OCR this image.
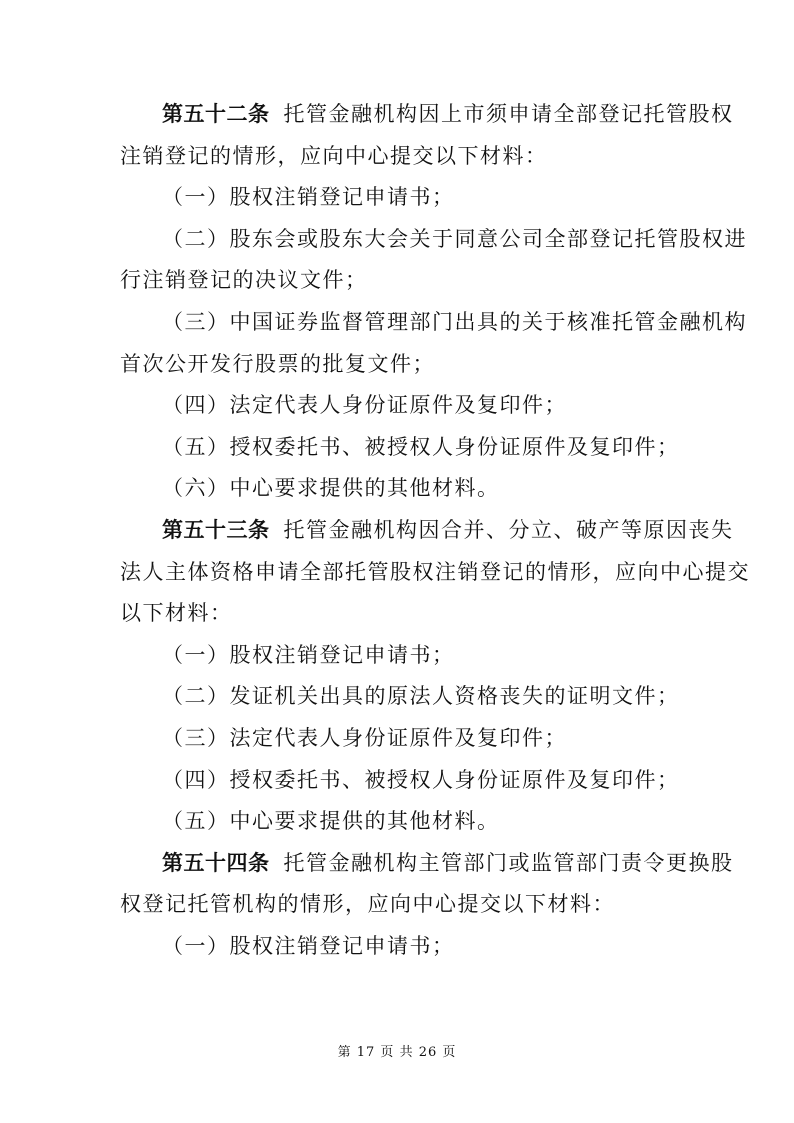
第五十二条 托管金融机构因上市须申请全部登记托管股权
注销登记的情形，应向中心提交以下材料：
（一）股权注销登记申请书；
（二）股东会或股东大会关于同意公司全部登记托管股权进
行注销登记的决议文件；
（三）中国证券监督管理部门出具的关于核准托管金融机构
首次公开发行股票的批复文件；
（四）法定代表人身份证原件及复印件；
（五）授权委托书、被授权人身份证原件及复印件；
（六）中心要求提供的其他材料。
第五十三条 托管金融机构因合并、分立、破产等原因丧失
法人主体资格申请全部托管股权注销登记的情形，应向中心提交
以下材料：
（一）股权注销登记申请书；
（二）发证机关出具的原法人资格丧失的证明文件；
（三）法定代表人身份证原件及复印件；
（四）授权委托书、被授权人身份证原件及复印件；
（五）中心要求提供的其他材料。
第五十四条 托管金融机构主管部门或监管部门责令更换股
权登记托管机构的情形，应向中心提交以下材料：
（一）股权注销登记申请书；
第 17 页 共 26 页
